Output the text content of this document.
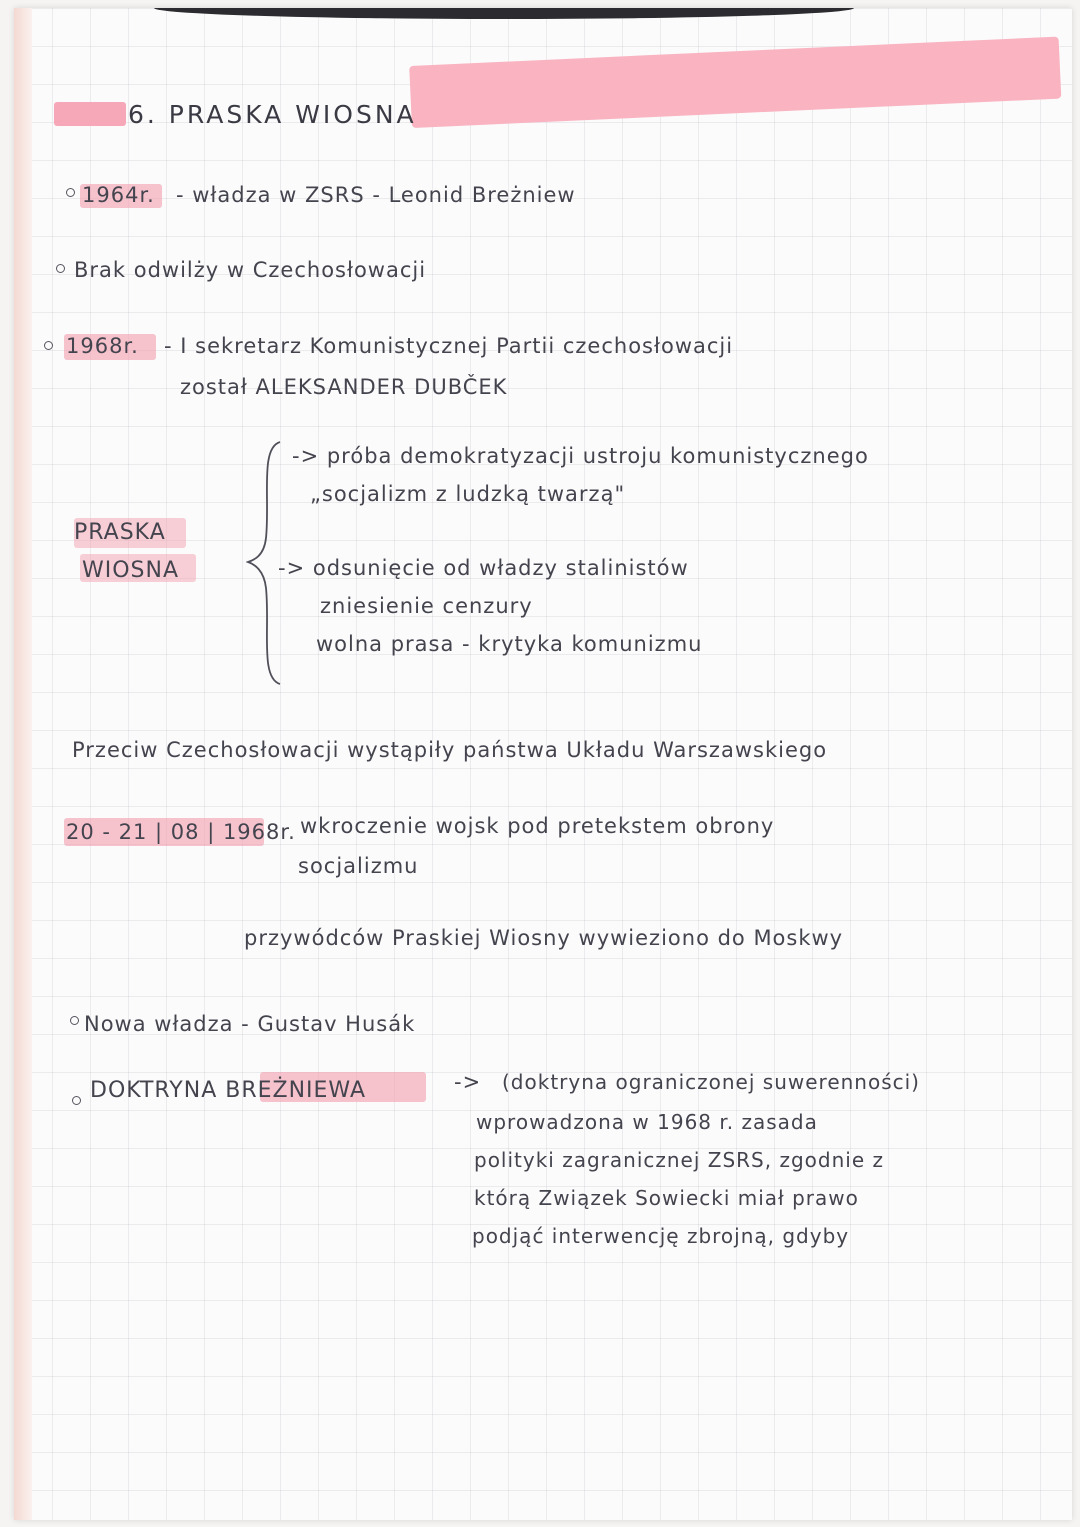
6. PRASKA WIOSNA
1964r. - władza w ZSRS - Leonid Breżniew
Brak odwilży w Czechosłowacji
1968r. - I sekretarz Komunistycznej Partii czechosłowacji
został ALEKSANDER DUBČEK
PRASKA
WIOSNA
-> próba demokratyzacji ustroju komunistycznego
„socjalizm z ludzką twarzą"
-> odsunięcie od władzy stalinistów
zniesienie cenzury
wolna prasa - krytyka komunizmu
Przeciw Czechosłowacji wystąpiły państwa Układu Warszawskiego
20 - 21 | 08 | 1968r. wkroczenie wojsk pod pretekstem obrony
socjalizmu
przywódców Praskiej Wiosny wywieziono do Moskwy
Nowa władza - Gustav Husák
DOKTRYNA BREŻNIEWA	-> (doktryna ograniczonej suwerenności)
wprowadzona w 1968 r. zasada
polityki zagranicznej ZSRS, zgodnie z
którą Związek Sowiecki miał prawo
podjąć interwencję zbrojną, gdyby
